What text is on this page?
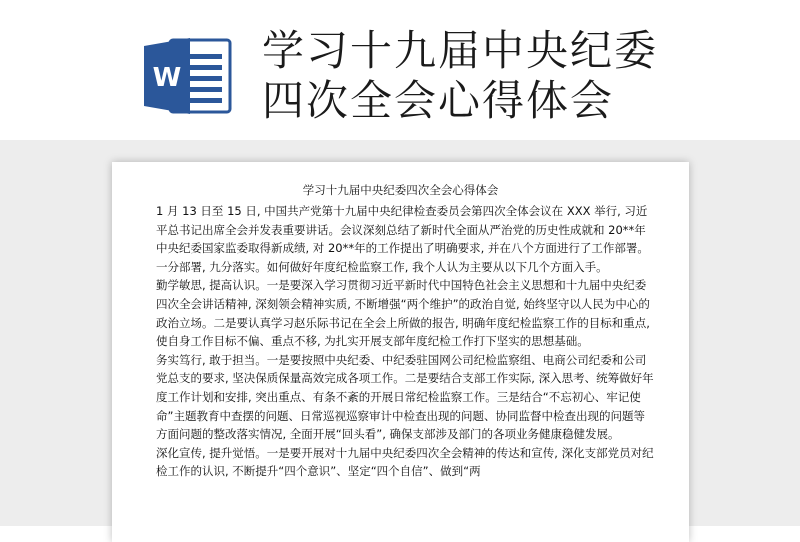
W
学习十九届中央纪委
四次全会心得体会
学习十九届中央纪委四次全会心得体会

1 月 13 日至 15 日, 中国共产党第十九届中央纪律检查委员会第四次全体会议在 XXX 举行, 习近平总书记出席全会并发表重要讲话。会议深刻总结了新时代全面从严治党的历史性成就和 20**年中央纪委国家监委取得新成绩, 对 20**年的工作提出了明确要求, 并在八个方面进行了工作部署。

一分部署, 九分落实。如何做好年度纪检监察工作, 我个人认为主要从以下几个方面入手。

勤学敏思, 提高认识。一是要深入学习贯彻习近平新时代中国特色社会主义思想和十九届中央纪委四次全会讲话精神, 深刻领会精神实质, 不断增强“两个维护”的政治自觉, 始终坚守以人民为中心的政治立场。二是要认真学习赵乐际书记在全会上所做的报告, 明确年度纪检监察工作的目标和重点, 使自身工作目标不偏、重点不移, 为扎实开展支部年度纪检工作打下坚实的思想基础。

务实笃行, 敢于担当。一是要按照中央纪委、中纪委驻国网公司纪检监察组、电商公司纪委和公司党总支的要求, 坚决保质保量高效完成各项工作。二是要结合支部工作实际, 深入思考、统筹做好年度工作计划和安排, 突出重点、有条不紊的开展日常纪检监察工作。三是结合“不忘初心、牢记使命”主题教育中查摆的问题、日常巡视巡察审计中检查出现的问题、协同监督中检查出现的问题等方面问题的整改落实情况, 全面开展“回头看”, 确保支部涉及部门的各项业务健康稳健发展。

深化宣传, 提升觉悟。一是要开展对十九届中央纪委四次全会精神的传达和宣传, 深化支部党员对纪检工作的认识, 不断提升“四个意识”、坚定“四个自信”、做到“两
